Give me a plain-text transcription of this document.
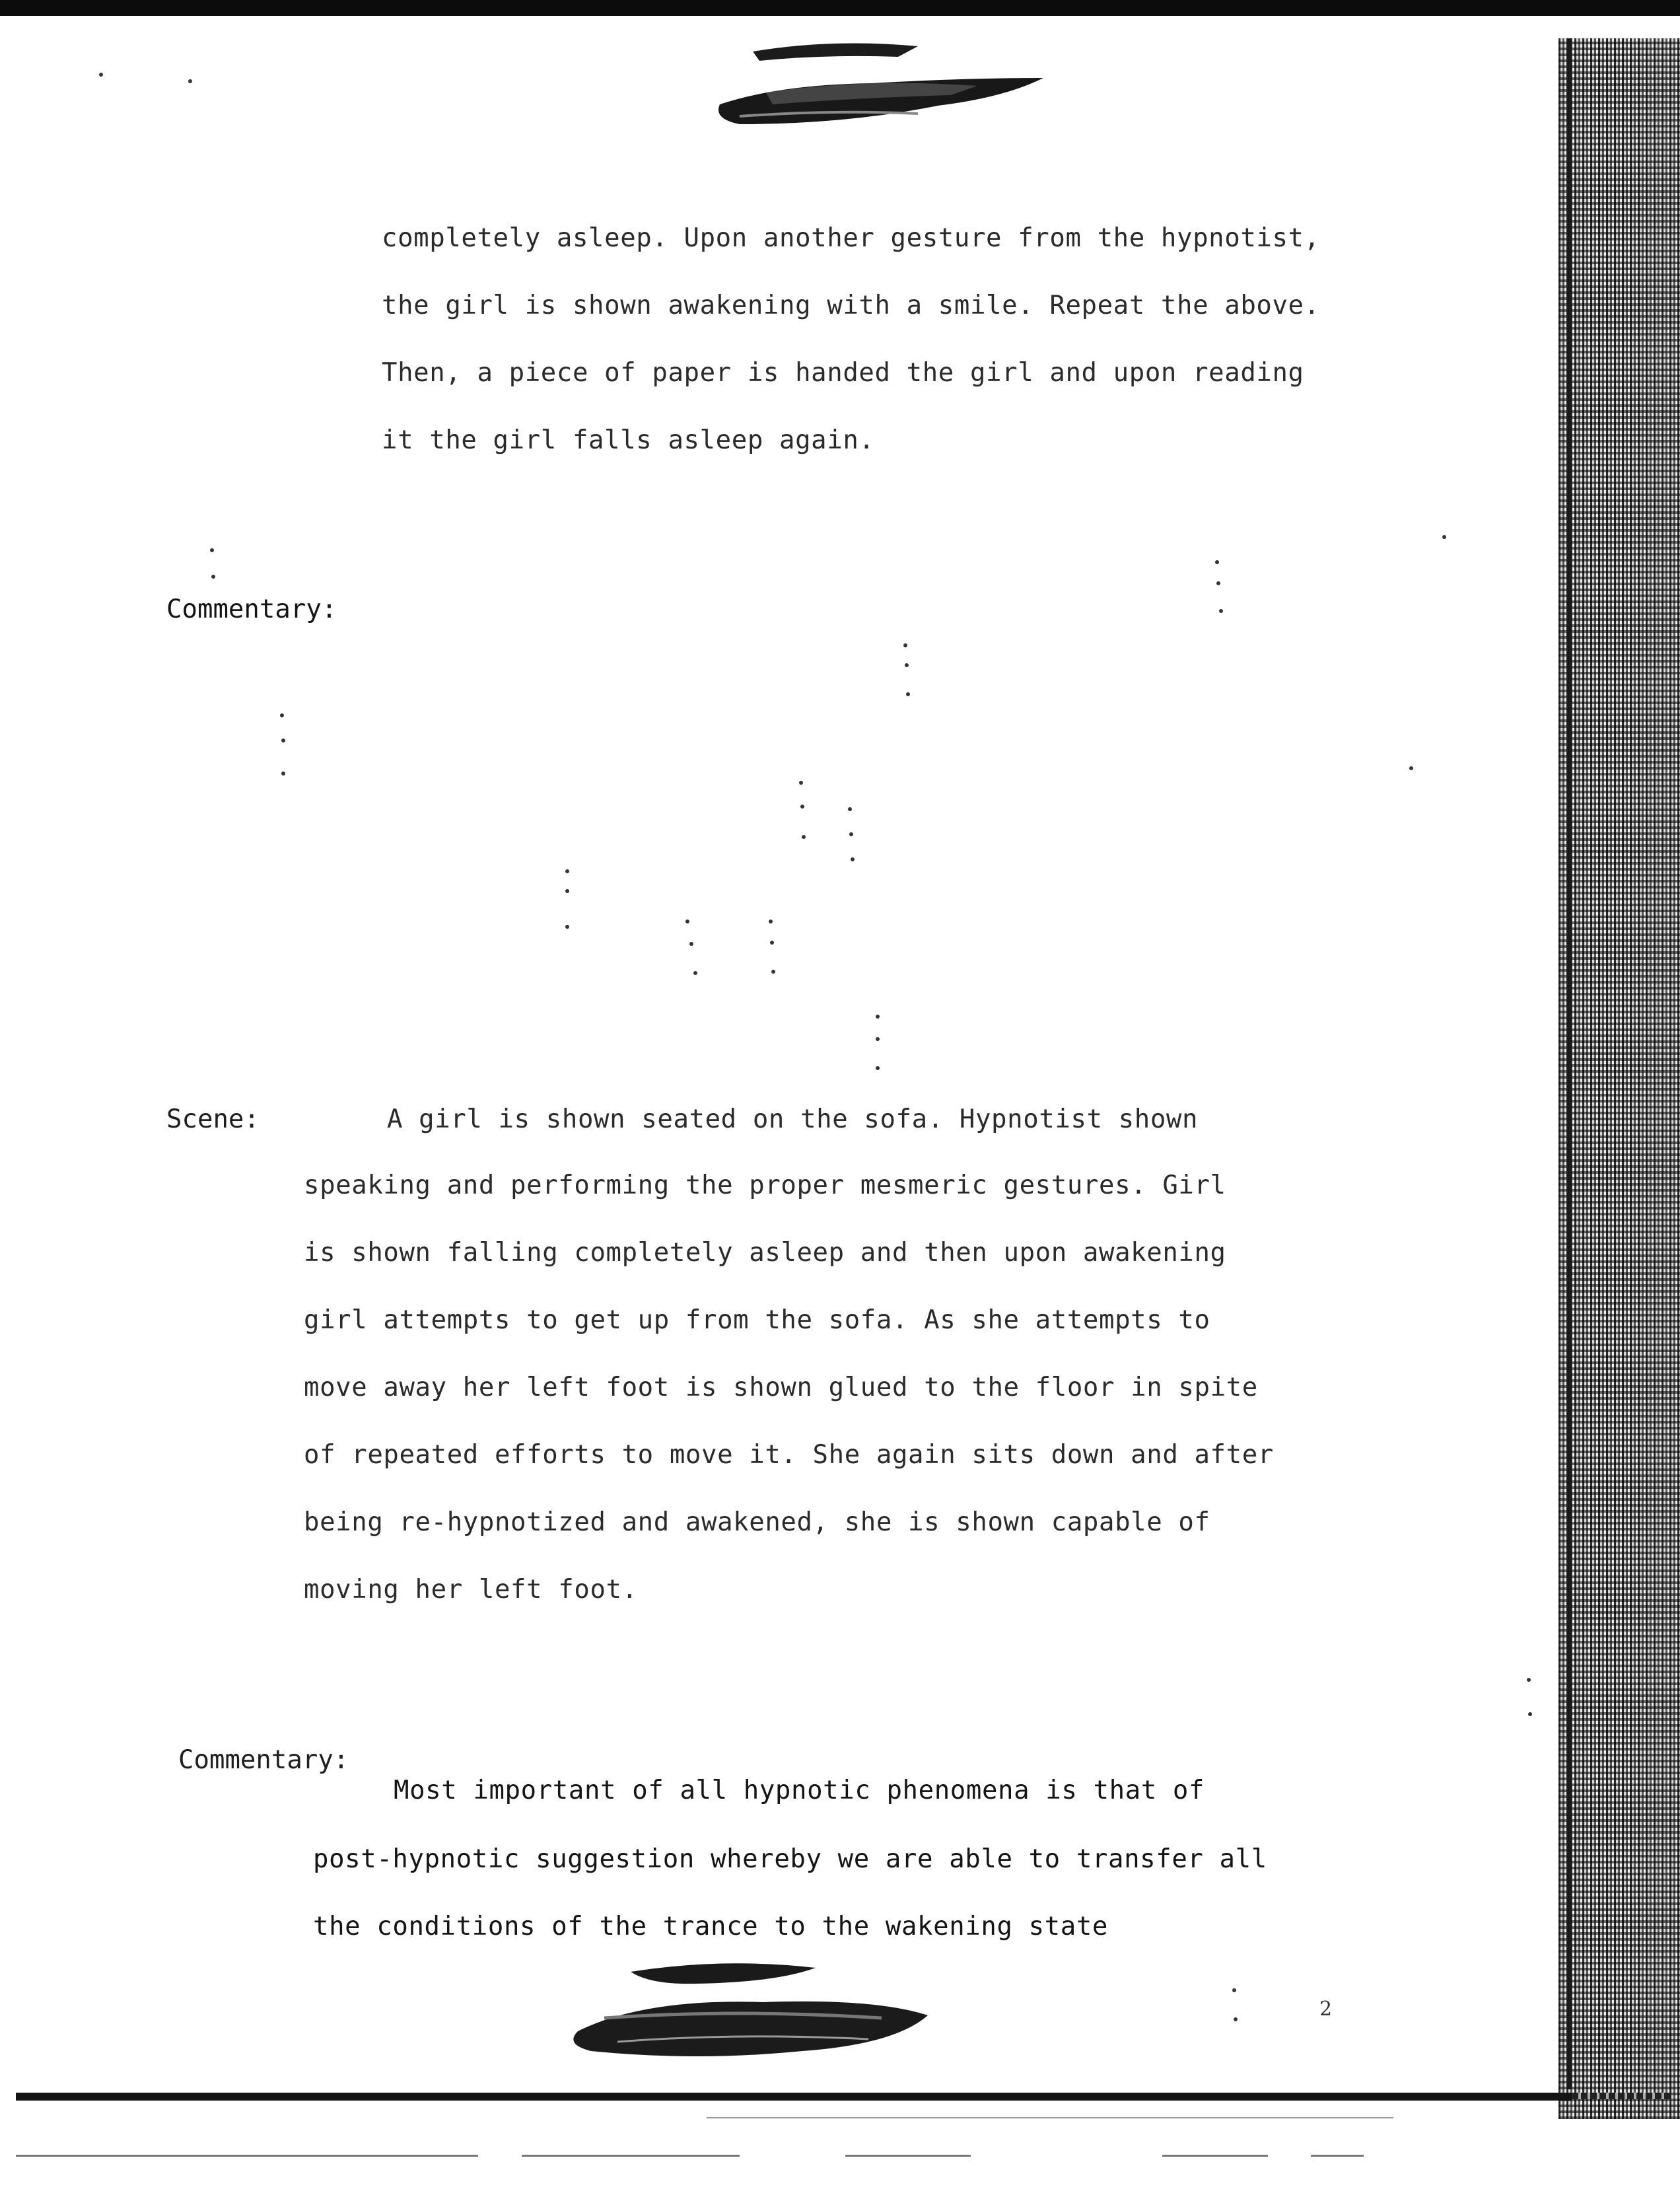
completely asleep. Upon another gesture from the hypnotist,
the girl is shown awakening with a smile. Repeat the above.
Then, a piece of paper is handed the girl and upon reading
it the girl falls asleep again.
Commentary:
Scene:	A girl is shown seated on the sofa. Hypnotist shown
speaking and performing the proper mesmeric gestures. Girl
is shown falling completely asleep and then upon awakening
girl attempts to get up from the sofa. As she attempts to
move away her left foot is shown glued to the floor in spite
of repeated efforts to move it. She again sits down and after
being re-hypnotized and awakened, she is shown capable of
moving her left foot.
Commentary:
Most important of all hypnotic phenomena is that of
post-hypnotic suggestion whereby we are able to transfer all
the conditions of the trance to the wakening state
2
